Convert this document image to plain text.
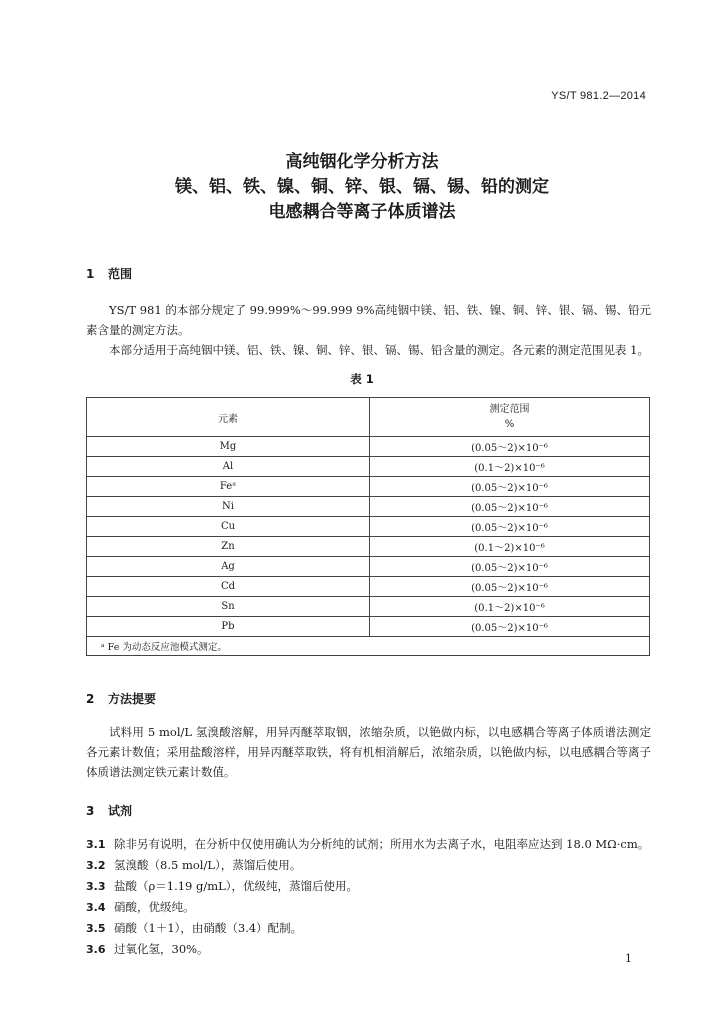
YS/T 981.2—2014
高纯铟化学分析方法
镁、铝、铁、镍、铜、锌、银、镉、锡、铅的测定
电感耦合等离子体质谱法
1 范围

YS/T 981 的本部分规定了 99.999%～99.999 9%高纯铟中镁、铝、铁、镍、铜、锌、银、镉、锡、铅元素含量的测定方法。

本部分适用于高纯铟中镁、铝、铁、镍、铜、锌、银、镉、锡、铅含量的测定。各元素的测定范围见表 1。

表 1
元素	测定范围
%

Mg	(0.05～2)×10⁻⁶
Al	(0.1～2)×10⁻⁶
Feᵃ	(0.05～2)×10⁻⁶
Ni	(0.05～2)×10⁻⁶
Cu	(0.05～2)×10⁻⁶
Zn	(0.1～2)×10⁻⁶
Ag	(0.05～2)×10⁻⁶
Cd	(0.05～2)×10⁻⁶
Sn	(0.1～2)×10⁻⁶
Pb	(0.05～2)×10⁻⁶
ᵃ Fe 为动态反应池模式测定。	
2 方法提要

试料用 5 mol/L 氢溴酸溶解，用异丙醚萃取铟，浓缩杂质，以铯做内标，以电感耦合等离子体质谱法测定各元素计数值；采用盐酸溶样，用异丙醚萃取铁，将有机相消解后，浓缩杂质，以铯做内标，以电感耦合等离子体质谱法测定铁元素计数值。

3 试剂
3.1 除非另有说明，在分析中仅使用确认为分析纯的试剂；所用水为去离子水，电阻率应达到 18.0 MΩ·cm。
3.2 氢溴酸（8.5 mol/L），蒸馏后使用。
3.3 盐酸（ρ＝1.19 g/mL），优级纯，蒸馏后使用。
3.4 硝酸，优级纯。
3.5 硝酸（1＋1），由硝酸（3.4）配制。
3.6 过氧化氢，30%。
1
